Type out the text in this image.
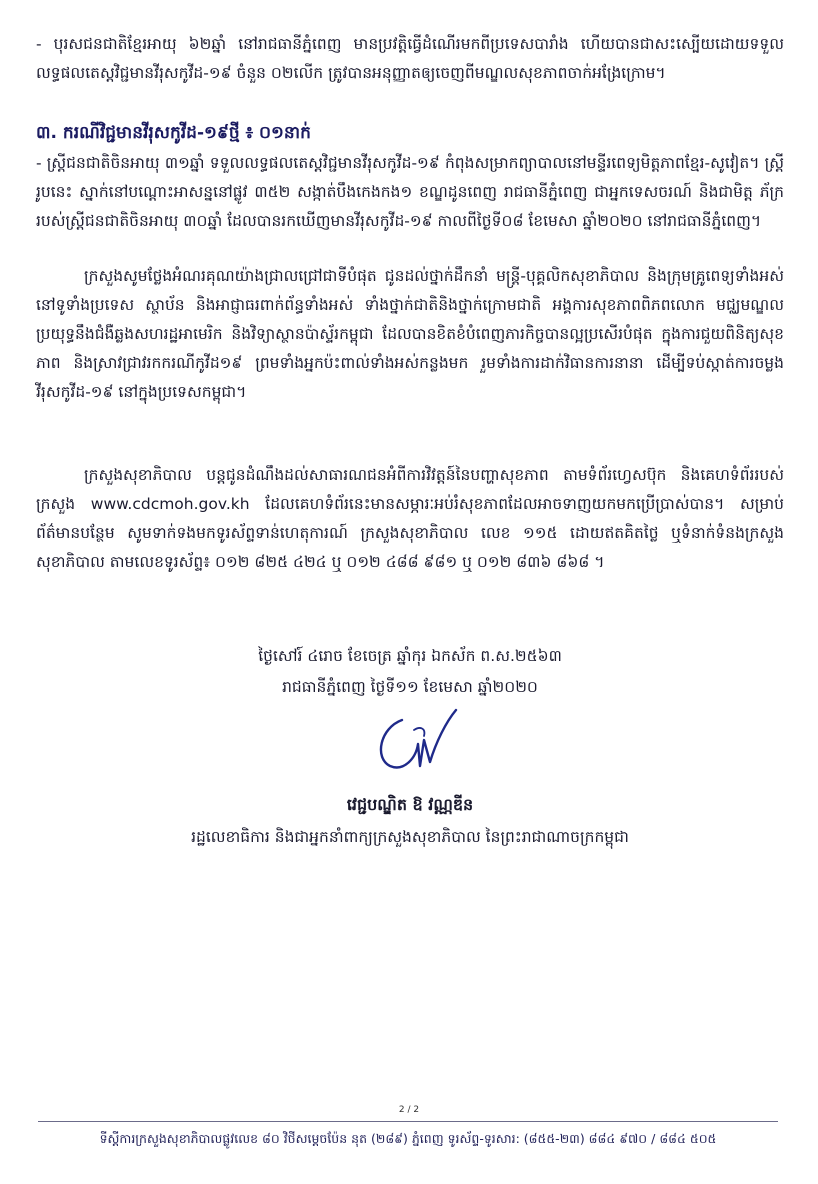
- បុរសជនជាតិខ្មែរអាយុ ៦២ឆ្នាំ នៅរាជធានីភ្នំពេញ មានប្រវត្តិធ្វើដំណើរមកពីប្រទេសបារាំង ហើយបានជាសះស្បើយដោយទទួលលទ្ធផលតេស្តវិជ្ជមានវីរុសកូវីដ-១៩ ចំនួន ០២លើក ត្រូវបានអនុញ្ញាតឲ្យចេញពីមណ្ឌលសុខភាពចាក់អង្រែក្រោម។

៣. ករណីវិជ្ជមានវីរុសកូវីដ-១៩ថ្មី ៖ ០១នាក់

- ស្ត្រីជនជាតិចិនអាយុ ៣១ឆ្នាំ ទទួលលទ្ធផលតេស្តវិជ្ជមានវីរុសកូវីដ-១៩ កំពុងសម្រាកព្យាបាលនៅមន្ទីរពេទ្យមិត្តភាពខ្មែរ-សូវៀត។ ស្ត្រីរូបនេះ ស្នាក់នៅបណ្តោះអាសន្ននៅផ្លូវ ៣៥២ សង្កាត់បឹងកេងកង១ ខណ្ឌដូនពេញ រាជធានីភ្នំពេញ ជាអ្នកទេសចរណ៍ និងជាមិត្ត ភ័ក្ររបស់ស្ត្រីជនជាតិចិនអាយុ ៣០ឆ្នាំ ដែលបានរកឃើញមានវីរុសកូវីដ-១៩ កាលពីថ្ងៃទី០៨ ខែមេសា ឆ្នាំ២០២០ នៅរាជធានីភ្នំពេញ។

ក្រសួងសូមថ្លែងអំណរគុណយ៉ាងជ្រាលជ្រៅជាទីបំផុត ជូនដល់ថ្នាក់ដឹកនាំ មន្ត្រី-បុគ្គលិកសុខាភិបាល និងក្រុមគ្រូពេទ្យទាំងអស់នៅទូទាំងប្រទេស ស្ថាប័ន និងអាជ្ញាធរពាក់ព័ន្ធទាំងអស់ ទាំងថ្នាក់ជាតិនិងថ្នាក់ក្រោមជាតិ អង្គការសុខភាពពិភពលោក មជ្ឈមណ្ឌលប្រយុទ្ធនឹងជំងឺឆ្លងសហរដ្ឋអាមេរិក និងវិទ្យាស្ថានប៉ាស្ទ័រកម្ពុជា ដែលបានខិតខំបំពេញភារកិច្ចបានល្អប្រសើរបំផុត ក្នុងការជួយពិនិត្យសុខភាព និងស្រាវជ្រាវរកករណីកូវីដ១៩ ព្រមទាំងអ្នកប៉ះពាល់ទាំងអស់កន្លងមក រួមទាំងការដាក់វិធានការនានា ដើម្បីទប់ស្កាត់ការចម្លងវីរុសកូវីដ-១៩ នៅក្នុងប្រទេសកម្ពុជា។

ក្រសួងសុខាភិបាល បន្តជូនដំណឹងដល់សាធារណជនអំពីការវិវត្តន៍នៃបញ្ហាសុខភាព តាមទំព័រហ្វេសប៊ុក និងគេហទំព័ររបស់ក្រសួង www.cdcmoh.gov.kh ដែលគេហទំព័រនេះមានសម្ភារៈអប់រំសុខភាពដែលអាចទាញយកមកប្រើប្រាស់បាន។ សម្រាប់ព័ត៌មានបន្ថែម សូមទាក់ទងមកទូរស័ព្ទទាន់ហេតុការណ៍ ក្រសួងសុខាភិបាល លេខ ១១៥ ដោយឥតគិតថ្លៃ ឬទំនាក់ទំនងក្រសួងសុខាភិបាល តាមលេខទូរស័ព្ទ៖ ០១២ ៨២៥ ៤២៤ ឬ ០១២ ៤៨៨ ៩៨១ ឬ ០១២ ៨៣៦ ៨៦៨ ។

ថ្ងៃសៅរ៍ ៤រោច ខែចេត្រ ឆ្នាំកុរ ឯកស័ក ព.ស.២៥៦៣

រាជធានីភ្នំពេញ ថ្ងៃទី១១ ខែមេសា ឆ្នាំ២០២០

វេជ្ជបណ្ឌិត ឱ វណ្ណឌីន

រដ្ឋលេខាធិការ និងជាអ្នកនាំពាក្យក្រសួងសុខាភិបាល នៃព្រះរាជាណាចក្រកម្ពុជា

2 / 2

ទីស្តីការក្រសួងសុខាភិបាលផ្លូវលេខ ៨០ វិថីសម្តេចប៉ែន នុត (២៨៩) ភ្នំពេញ ទូរស័ព្ទ-ទូរសារ: (៨៥៥-២៣) ៨៨៤ ៩៧០ / ៨៨៤ ៥០៥
